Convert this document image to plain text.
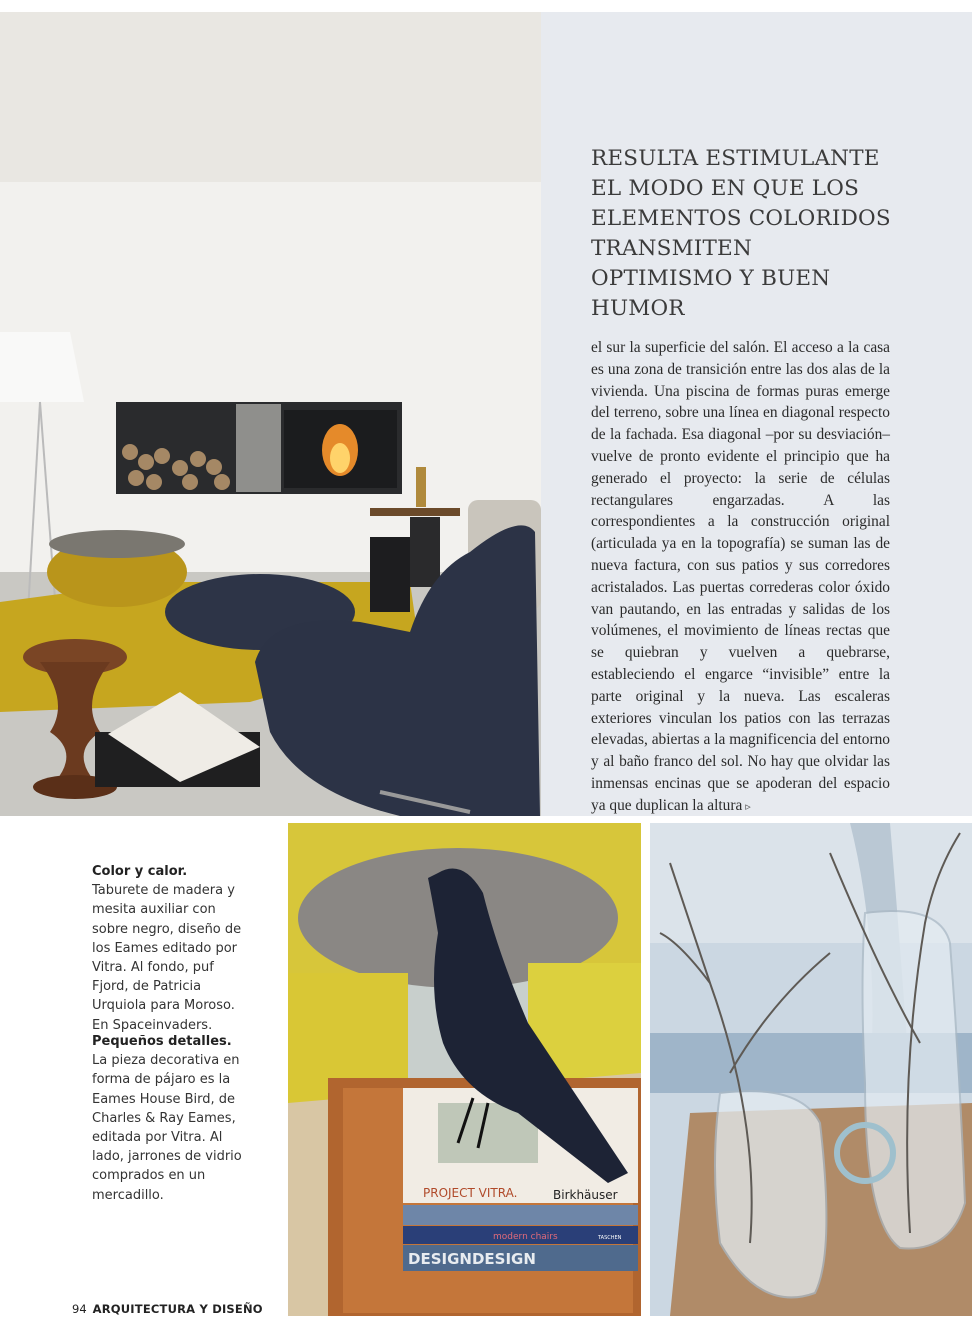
RESULTA ESTIMULANTE EL MODO EN QUE LOS ELEMENTOS COLORIDOS TRANSMITEN OPTIMISMO Y BUEN HUMOR

el sur la superficie del salón. El acceso a la casa es una zona de transición entre las dos alas de la vivienda. Una piscina de formas puras emerge del terreno, sobre una línea en diagonal respecto de la fachada. Esa diagonal –por su desviación– vuelve de pronto evidente el principio que ha generado el proyecto: la serie de células rectangulares engarzadas. A las correspondientes a la construcción original (articulada ya en la topografía) se suman las de nueva factura, con sus patios y sus corredores acristalados. Las puertas correderas color óxido van pautando, en las entradas y salidas de los volúmenes, el movimiento de líneas rectas que se quiebran y vuelven a quebrarse, estableciendo el engarce “invisible” entre la parte original y la nueva. Las escaleras exteriores vinculan los patios con las terrazas elevadas, abiertas a la magnificencia del entorno y al baño franco del sol. No hay que olvidar las inmensas encinas que se apoderan del espacio ya que duplican la altura ▹

Color y calor.
Taburete de madera y mesita auxiliar con sobre negro, diseño de los Eames editado por Vitra. Al fondo, puf Fjord, de Patricia Urquiola para Moroso. En Spaceinvaders.
Pequeños detalles.
La pieza decorativa en forma de pájaro es la Eames House Bird, de Charles & Ray Eames, editada por Vitra. Al lado, jarrones de vidrio comprados en un mercadillo.	PROJECT VITRA.	Birkhäuser
modern chairs	TASCHEN
DESIGNDESIGN
94 ARQUITECTURA Y DISEÑO
